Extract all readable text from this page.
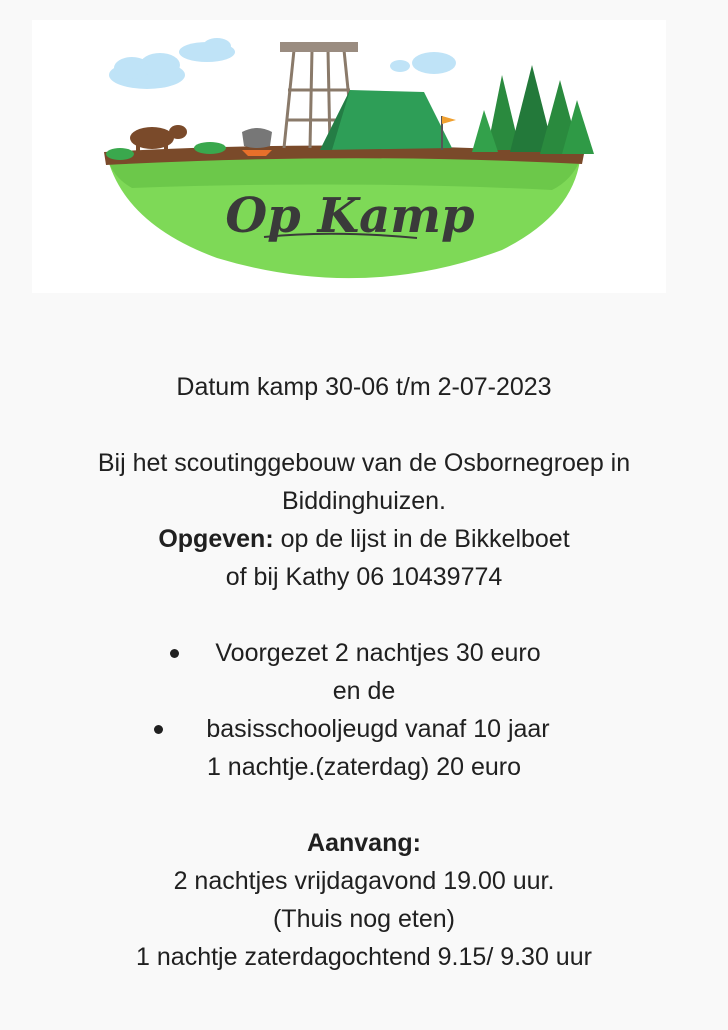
Op Kamp
Datum kamp 30-06 t/m 2-07-2023
Bij het scoutinggebouw van de Osbornegroep in
Biddinghuizen.
Opgeven: op de lijst in de Bikkelboet
of bij Kathy 06 10439774
Voorgezet 2 nachtjes 30 euro
en de
basisschooljeugd vanaf 10 jaar
1 nachtje.(zaterdag) 20 euro
Aanvang:
2 nachtjes vrijdagavond 19.00 uur.
(Thuis nog eten)
1 nachtje zaterdagochtend 9.15/ 9.30 uur
